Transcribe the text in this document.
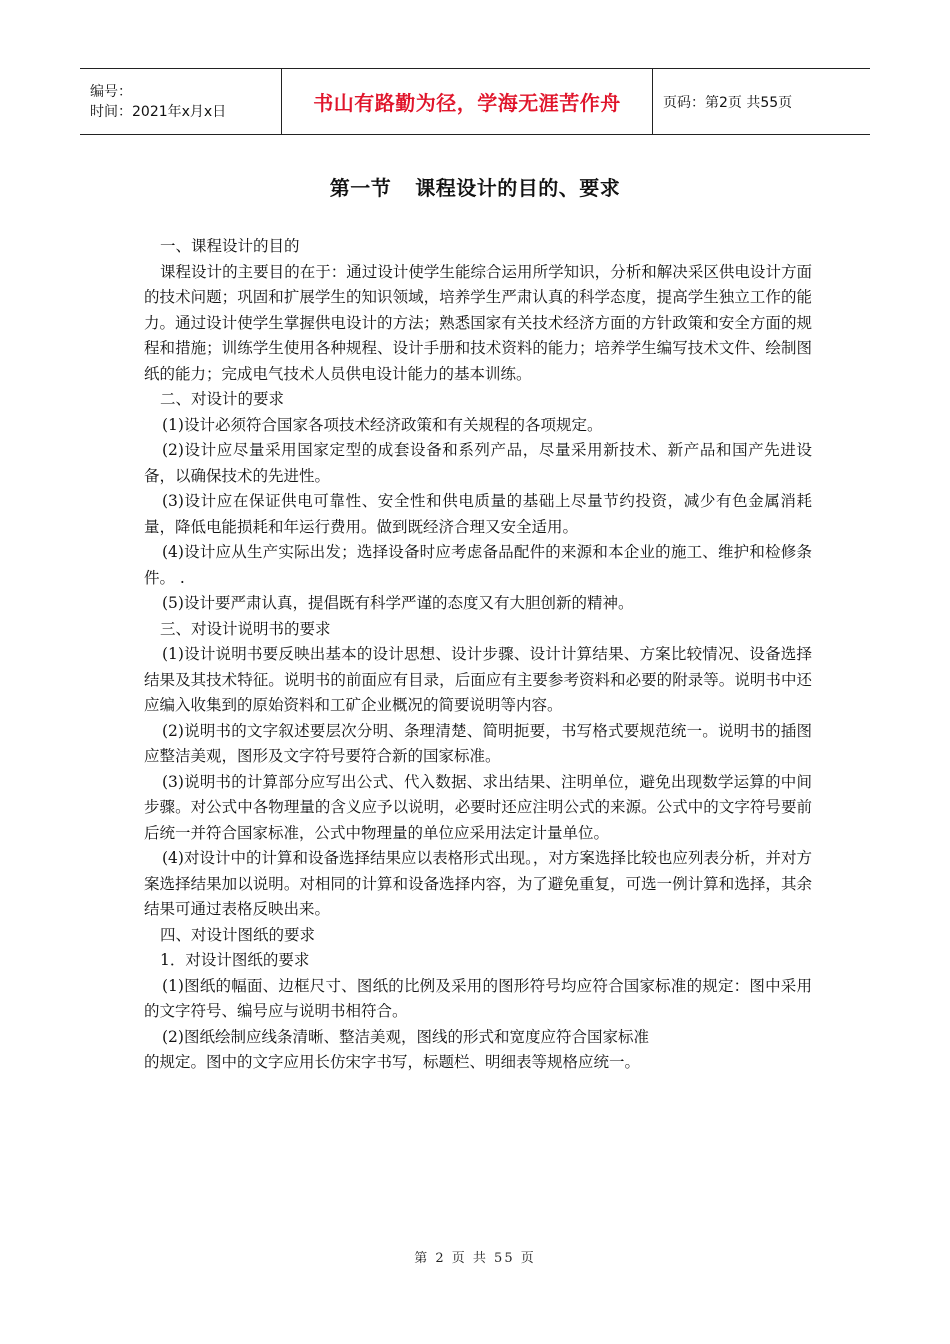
编号：
时间：2021年x月x日	书山有路勤为径，学海无涯苦作舟	页码：第2页 共55页
第一节 课程设计的目的、要求

一、课程设计的目的

课程设计的主要目的在于：通过设计使学生能综合运用所学知识，分析和解决采区供电设计方面的技术问题；巩固和扩展学生的知识领域，培养学生严肃认真的科学态度，提高学生独立工作的能力。通过设计使学生掌握供电设计的方法；熟悉国家有关技术经济方面的方针政策和安全方面的规程和措施；训练学生使用各种规程、设计手册和技术资料的能力；培养学生编写技术文件、绘制图纸的能力；完成电气技术人员供电设计能力的基本训练。

二、对设计的要求

(1)设计必须符合国家各项技术经济政策和有关规程的各项规定。

(2)设计应尽量采用国家定型的成套设备和系列产品，尽量采用新技术、新产品和国产先进设备，以确保技术的先进性。

(3)设计应在保证供电可靠性、安全性和供电质量的基础上尽量节约投资，减少有色金属消耗量，降低电能损耗和年运行费用。做到既经济合理又安全适用。

(4)设计应从生产实际出发；选择设备时应考虑备品配件的来源和本企业的施工、维护和检修条件。 .

(5)设计要严肃认真，提倡既有科学严谨的态度又有大胆创新的精神。

三、对设计说明书的要求

(1)设计说明书要反映出基本的设计思想、设计步骤、设计计算结果、方案比较情况、设备选择结果及其技术特征。说明书的前面应有目录，后面应有主要参考资料和必要的附录等。说明书中还应编入收集到的原始资料和工矿企业概况的简要说明等内容。

(2)说明书的文字叙述要层次分明、条理清楚、简明扼要，书写格式要规范统一。说明书的插图应整洁美观，图形及文字符号要符合新的国家标准。

(3)说明书的计算部分应写出公式、代入数据、求出结果、注明单位，避免出现数学运算的中间步骤。对公式中各物理量的含义应予以说明，必要时还应注明公式的来源。公式中的文字符号要前后统一并符合国家标准，公式中物理量的单位应采用法定计量单位。

(4)对设计中的计算和设备选择结果应以表格形式出现。，对方案选择比较也应列表分析，并对方案选择结果加以说明。对相同的计算和设备选择内容，为了避免重复，可选一例计算和选择，其余结果可通过表格反映出来。

四、对设计图纸的要求

1．对设计图纸的要求

(1)图纸的幅面、边框尺寸、图纸的比例及采用的图形符号均应符合国家标准的规定：图中采用的文字符号、编号应与说明书相符合。

(2)图纸绘制应线条清晰、整洁美观，图线的形式和宽度应符合国家标准

的规定。图中的文字应用长仿宋字书写，标题栏、明细表等规格应统一。

第 2 页 共 55 页
